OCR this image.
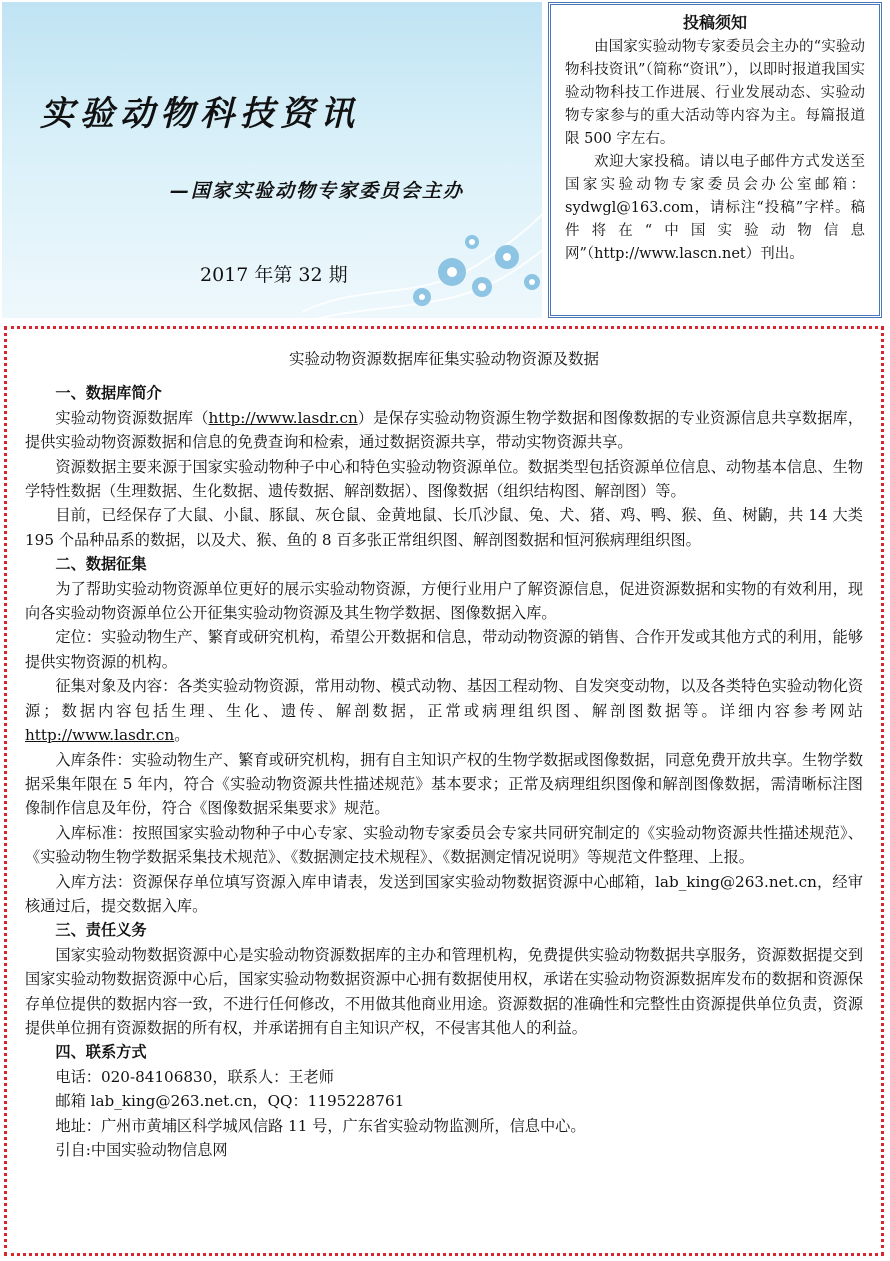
实验动物科技资讯
—国家实验动物专家委员会主办
2017 年第 32 期
投稿须知

由国家实验动物专家委员会主办的“实验动物科技资讯”（简称“资讯”），以即时报道我国实验动物科技工作进展、行业发展动态、实验动物专家参与的重大活动等内容为主。每篇报道限 500 字左右。

欢迎大家投稿。请以电子邮件方式发送至国家实验动物专家委员会办公室邮箱：sydwgl@163.com，请标注“投稿”字样。稿件将在“中国实验动物信息网”（http://www.lascn.net）刊出。

实验动物资源数据库征集实验动物资源及数据

一、数据库简介

实验动物资源数据库（http://www.lasdr.cn）是保存实验动物资源生物学数据和图像数据的专业资源信息共享数据库，提供实验动物资源数据和信息的免费查询和检索，通过数据资源共享，带动实物资源共享。

资源数据主要来源于国家实验动物种子中心和特色实验动物资源单位。数据类型包括资源单位信息、动物基本信息、生物学特性数据（生理数据、生化数据、遗传数据、解剖数据）、图像数据（组织结构图、解剖图）等。

目前，已经保存了大鼠、小鼠、豚鼠、灰仓鼠、金黄地鼠、长爪沙鼠、兔、犬、猪、鸡、鸭、猴、鱼、树鼩，共 14 大类 195 个品种品系的数据，以及犬、猴、鱼的 8 百多张正常组织图、解剖图数据和恒河猴病理组织图。

二、数据征集

为了帮助实验动物资源单位更好的展示实验动物资源，方便行业用户了解资源信息，促进资源数据和实物的有效利用，现向各实验动物资源单位公开征集实验动物资源及其生物学数据、图像数据入库。

定位：实验动物生产、繁育或研究机构，希望公开数据和信息，带动动物资源的销售、合作开发或其他方式的利用，能够提供实物资源的机构。

征集对象及内容：各类实验动物资源，常用动物、模式动物、基因工程动物、自发突变动物，以及各类特色实验动物化资源；数据内容包括生理、生化、遗传、解剖数据，正常或病理组织图、解剖图数据等。详细内容参考网站http://www.lasdr.cn。

入库条件：实验动物生产、繁育或研究机构，拥有自主知识产权的生物学数据或图像数据，同意免费开放共享。生物学数据采集年限在 5 年内，符合《实验动物资源共性描述规范》基本要求；正常及病理组织图像和解剖图像数据，需清晰标注图像制作信息及年份，符合《图像数据采集要求》规范。

入库标准：按照国家实验动物种子中心专家、实验动物专家委员会专家共同研究制定的《实验动物资源共性描述规范》、《实验动物生物学数据采集技术规范》、《数据测定技术规程》、《数据测定情况说明》等规范文件整理、上报。

入库方法：资源保存单位填写资源入库申请表，发送到国家实验动物数据资源中心邮箱，lab_king@263.net.cn，经审核通过后，提交数据入库。

三、责任义务

国家实验动物数据资源中心是实验动物资源数据库的主办和管理机构，免费提供实验动物数据共享服务，资源数据提交到国家实验动物数据资源中心后，国家实验动物数据资源中心拥有数据使用权，承诺在实验动物资源数据库发布的数据和资源保存单位提供的数据内容一致，不进行任何修改，不用做其他商业用途。资源数据的准确性和完整性由资源提供单位负责，资源提供单位拥有资源数据的所有权，并承诺拥有自主知识产权，不侵害其他人的利益。

四、联系方式

电话：020-84106830，联系人：王老师

邮箱 lab_king@263.net.cn，QQ：1195228761

地址：广州市黄埔区科学城风信路 11 号，广东省实验动物监测所，信息中心。

引自:中国实验动物信息网
